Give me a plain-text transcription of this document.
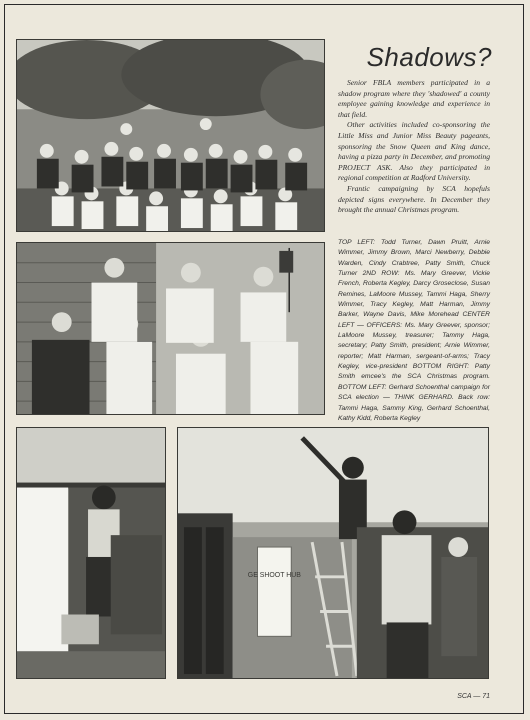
Shadows?

Senior FBLA members participated in a shadow program where they 'shadowed' a county employee gaining knowledge and experience in that field.

Other activities included co-sponsoring the Little Miss and Junior Miss Beauty pageants, sponsoring the Snow Queen and King dance, having a pizza party in December, and promoting PROJECT ASK. Also they participated in regional competition at Radford University.

Frantic campaigning by SCA hopefuls depicted signs everywhere. In December they brought the annual Christmas program.

TOP LEFT: Todd Turner, Dawn Pruitt, Arnie Wimmer, Jimmy Brown, Marci Newberry, Debbie Warden, Cindy Crabtree, Patty Smith, Chuck Turner 2ND ROW: Ms. Mary Greever, Vickie French, Roberta Kegley, Darcy Groseclose, Susan Remines, LaMoore Mussey, Tammi Haga, Sherry Wimmer, Tracy Kegley, Matt Harman, Jimmy Barker, Wayne Davis, Mike Morehead CENTER LEFT — OFFICERS: Ms. Mary Greever, sponsor; LaMoore Mussey, treasurer; Tammy Haga, secretary; Patty Smith, president; Arnie Wimmer, reporter; Matt Harman, sergeant-of-arms; Tracy Kegley, vice-president BOTTOM RIGHT: Patty Smith emcee's the SCA Christmas program. BOTTOM LEFT: Gerhard Schoenthal campaign for SCA election — THINK GERHARD. Back row: Tammi Haga, Sammy King, Gerhard Schoenthal, Kathy Kidd, Roberta Kegley
GE SHOOT HUB
SCA — 71
